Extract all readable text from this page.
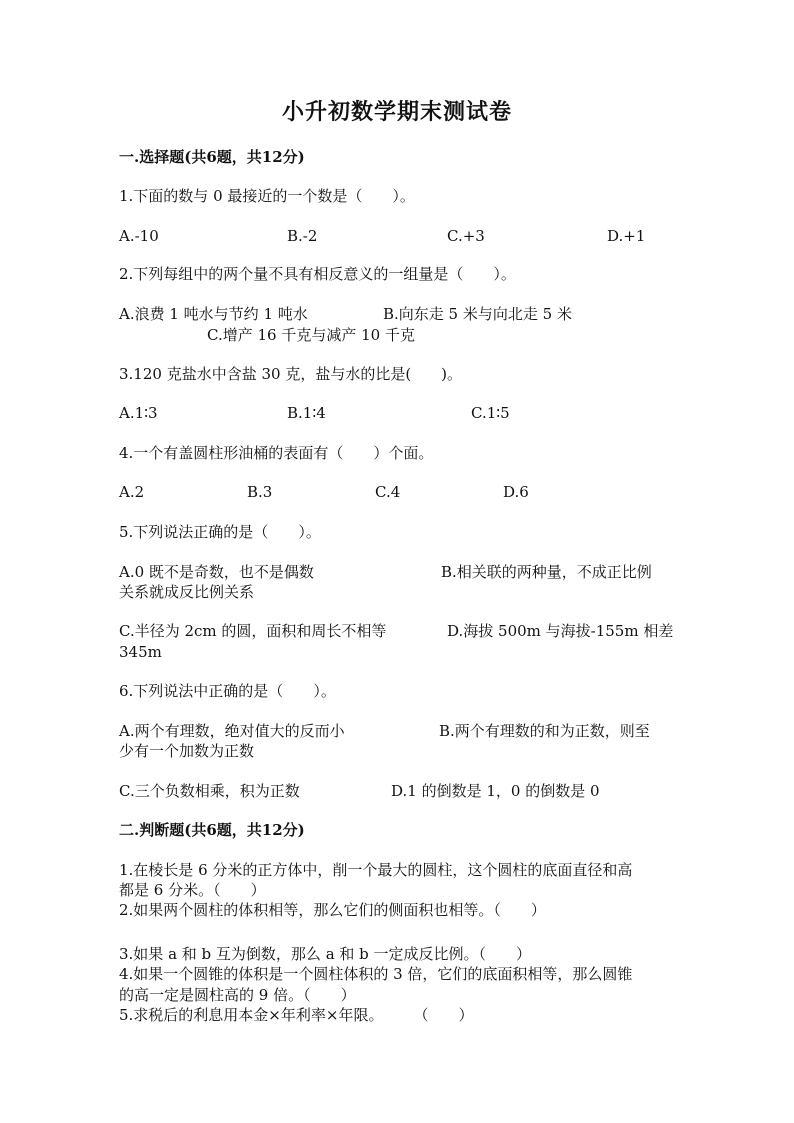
小升初数学期末测试卷
一.选择题(共6题，共12分)
1.下面的数与 0 最接近的一个数是（　　）。
A.-10	B.-2	C.+3	D.+1
2.下列每组中的两个量不具有相反意义的一组量是（　　）。
A.浪费 1 吨水与节约 1 吨水	B.向东走 5 米与向北走 5 米
C.增产 16 千克与减产 10 千克
3.120 克盐水中含盐 30 克，盐与水的比是(　　)。
A.1∶3	B.1∶4	C.1∶5
4.一个有盖圆柱形油桶的表面有（　　）个面。
A.2	B.3	C.4	D.6
5.下列说法正确的是（　　）。
A.0 既不是奇数，也不是偶数	B.相关联的两种量，不成正比例
关系就成反比例关系
C.半径为 2cm 的圆，面积和周长不相等	D.海拔 500m 与海拔-155m 相差
345m
6.下列说法中正确的是（　　）。
A.两个有理数，绝对值大的反而小	B.两个有理数的和为正数，则至
少有一个加数为正数
C.三个负数相乘，积为正数	D.1 的倒数是 1，0 的倒数是 0
二.判断题(共6题，共12分)
1.在棱长是 6 分米的正方体中，削一个最大的圆柱，这个圆柱的底面直径和高
都是 6 分米。（　　）
2.如果两个圆柱的体积相等，那么它们的侧面积也相等。（　　）
3.如果 a 和 b 互为倒数，那么 a 和 b 一定成反比例。（　　）
4.如果一个圆锥的体积是一个圆柱体积的 3 倍，它们的底面积相等，那么圆锥
的高一定是圆柱高的 9 倍。（　　）
5.求税后的利息用本金×年利率×年限。　　　（　　）
